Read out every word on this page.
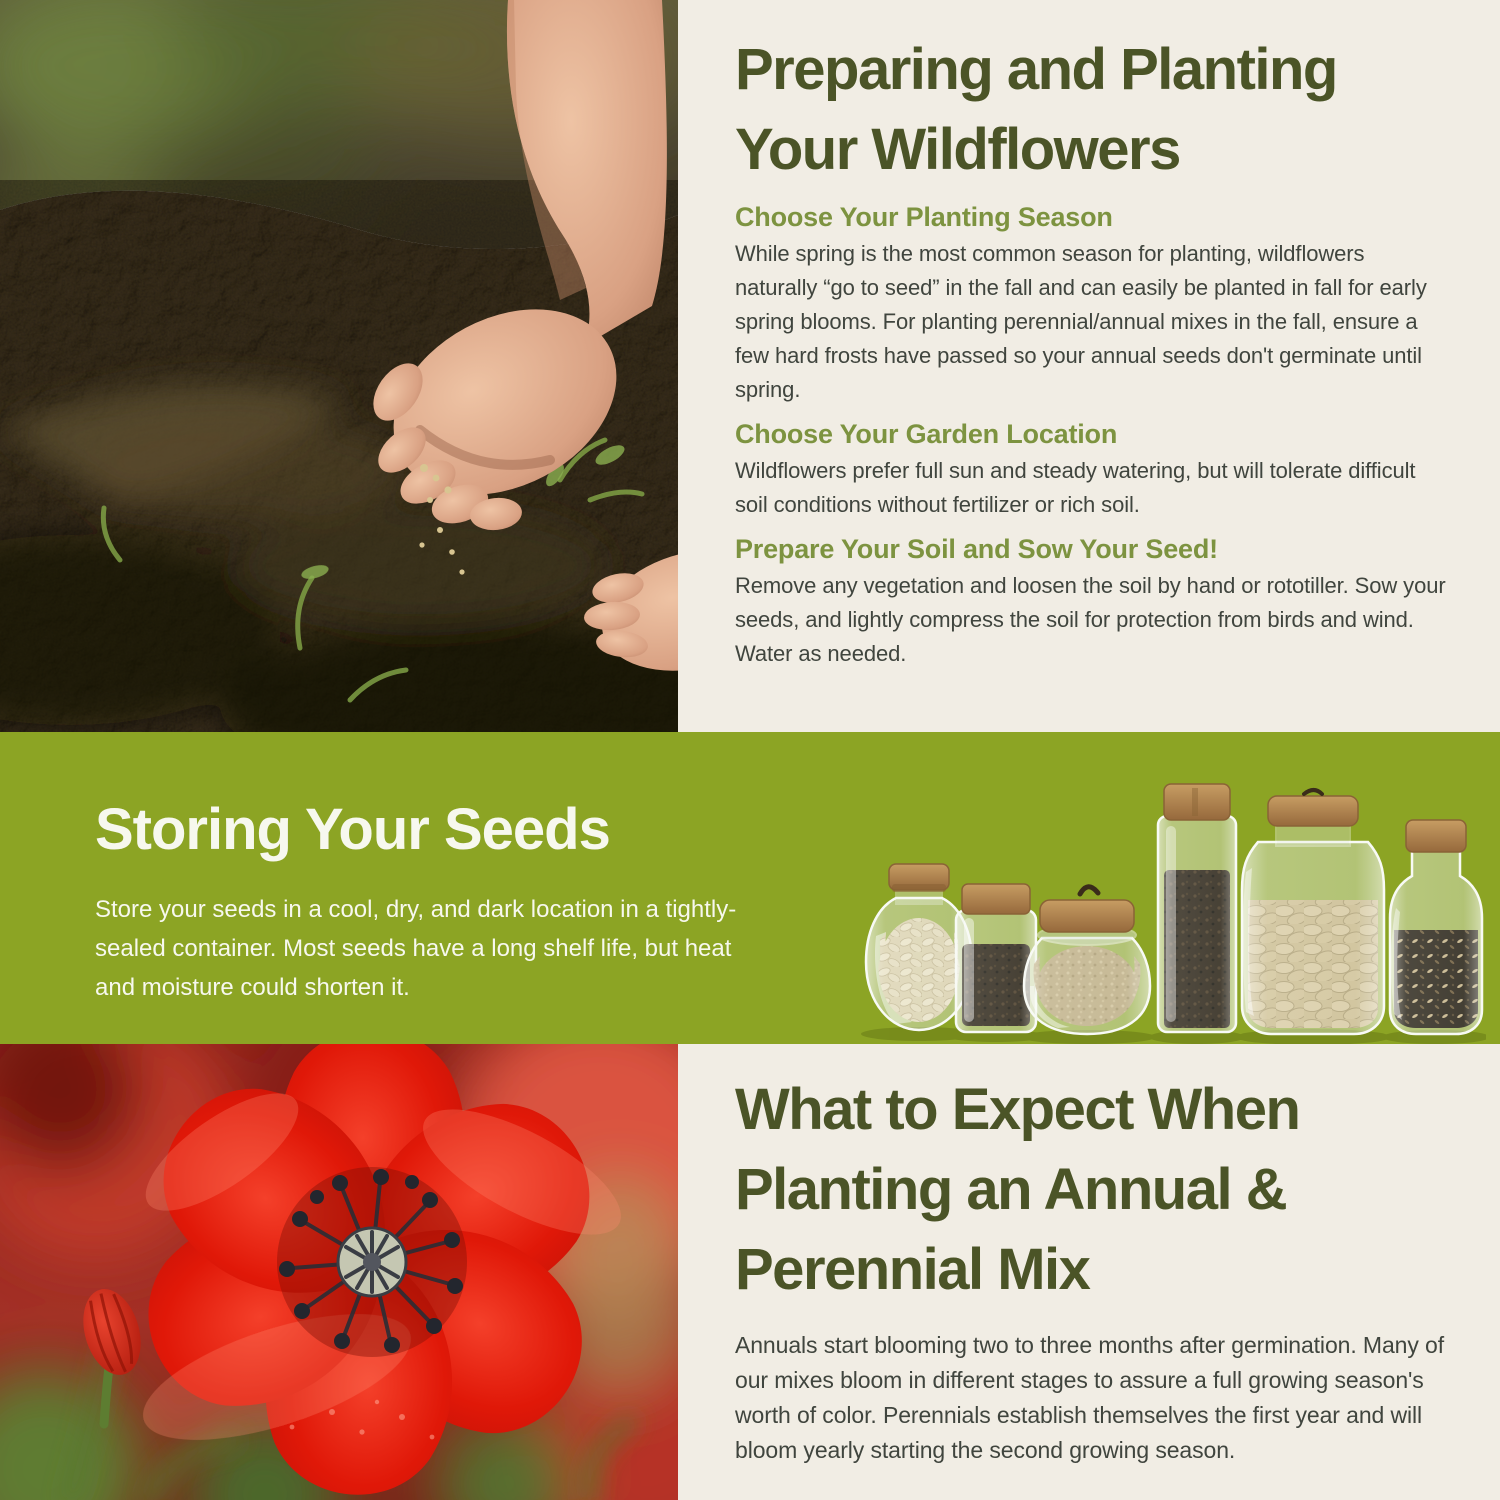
Preparing and Planting
Your Wildflowers
Choose Your Planting Season

While spring is the most common season for planting, wildflowers naturally “go to seed” in the fall and can easily be planted in fall for early spring blooms. For planting perennial/annual mixes in the fall, ensure a few hard frosts have passed so your annual seeds don't germinate until spring.

Choose Your Garden Location

Wildflowers prefer full sun and steady watering, but will tolerate difficult soil conditions without fertilizer or rich soil.

Prepare Your Soil and Sow Your Seed!

Remove any vegetation and loosen the soil by hand or rototiller. Sow your seeds, and lightly compress the soil for protection from birds and wind. Water as needed.

Storing Your Seeds

Store your seeds in a cool, dry, and dark location in a tightly-sealed container. Most seeds have a long shelf life, but heat and moisture could shorten it.

What to Expect When
Planting an Annual &
Perennial Mix

Annuals start blooming two to three months after germination. Many of our mixes bloom in different stages to assure a full growing season's worth of color. Perennials establish themselves the first year and will bloom yearly starting the second growing season.
